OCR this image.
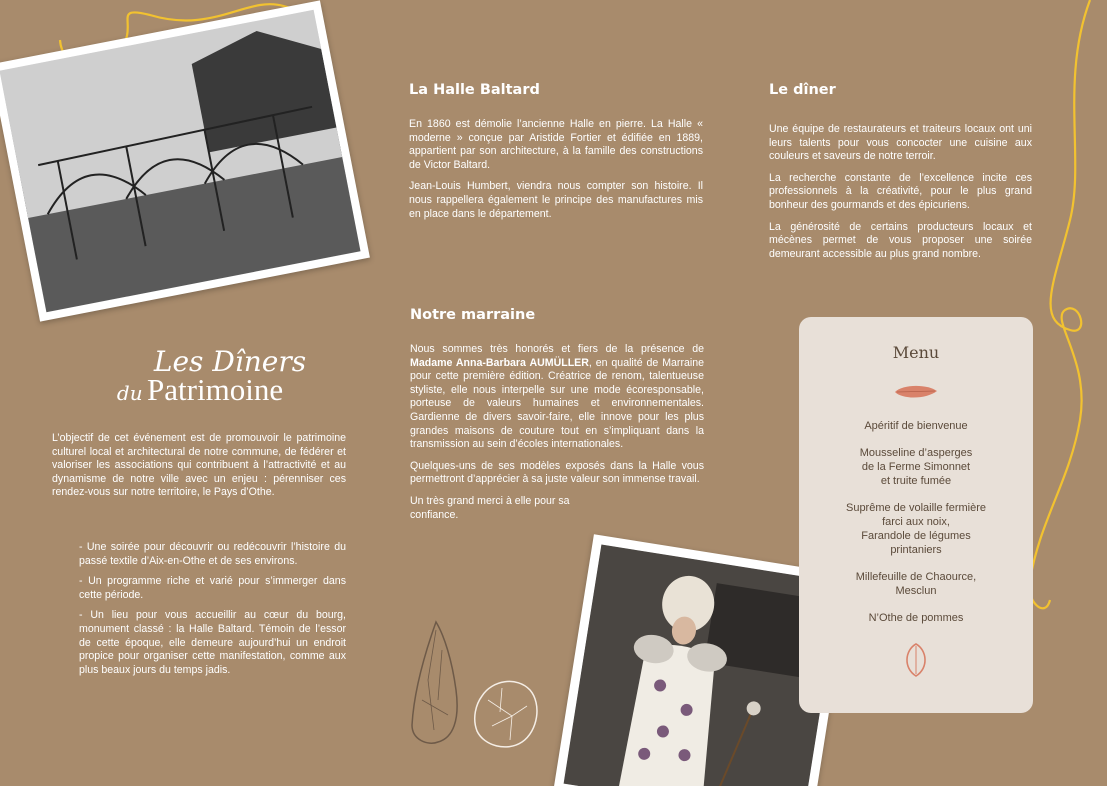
Les Dîners
du Patrimoine

L’objectif de cet événement est de promouvoir le patrimoine culturel local et architectural de notre commune, de fédérer et valoriser les associations qui contribuent à l’attractivité et au dynamisme de notre ville avec un enjeu : pérenniser ces rendez-vous sur notre territoire, le Pays d’Othe.

- Une soirée pour découvrir ou redécouvrir l’histoire du passé textile d’Aix-en-Othe et de ses environs.

- Un programme riche et varié pour s’immerger dans cette période.

- Un lieu pour vous accueillir au cœur du bourg, monument classé : la Halle Baltard. Témoin de l’essor de cette époque, elle demeure aujourd’hui un endroit propice pour organiser cette manifestation, comme aux plus beaux jours du temps jadis.

La Halle Baltard

En 1860 est démolie l’ancienne Halle en pierre. La Halle « moderne » conçue par Aristide Fortier et édifiée en 1889, appartient par son architecture, à la famille des constructions de Victor Baltard.

Jean-Louis Humbert, viendra nous compter son histoire. Il nous rappellera également le principe des manufactures mis en place dans le département.

Notre marraine

Nous sommes très honorés et fiers de la présence de Madame Anna-Barbara AUMÜLLER, en qualité de Marraine pour cette première édition. Créatrice de renom, talentueuse styliste, elle nous interpelle sur une mode écoresponsable, porteuse de valeurs humaines et environnementales. Gardienne de divers savoir-faire, elle innove pour les plus grandes maisons de couture tout en s’impliquant dans la transmission au sein d’écoles internationales.

Quelques-uns de ses modèles exposés dans la Halle vous permettront d’apprécier à sa juste valeur son immense travail.

Un très grand merci à elle pour sa confiance.

Le dîner

Une équipe de restaurateurs et traiteurs locaux ont uni leurs talents pour vous concocter une cuisine aux couleurs et saveurs de notre terroir.

La recherche constante de l’excellence incite ces professionnels à la créativité, pour le plus grand bonheur des gourmands et des épicuriens.

La générosité de certains producteurs locaux et mécènes permet de vous proposer une soirée demeurant accessible au plus grand nombre.

Menu
Apéritif de bienvenue
Mousseline d’asperges
de la Ferme Simonnet
et truite fumée
Suprême de volaille fermière
farci aux noix,
Farandole de légumes
printaniers
Millefeuille de Chaource,
Mesclun
N’Othe de pommes
